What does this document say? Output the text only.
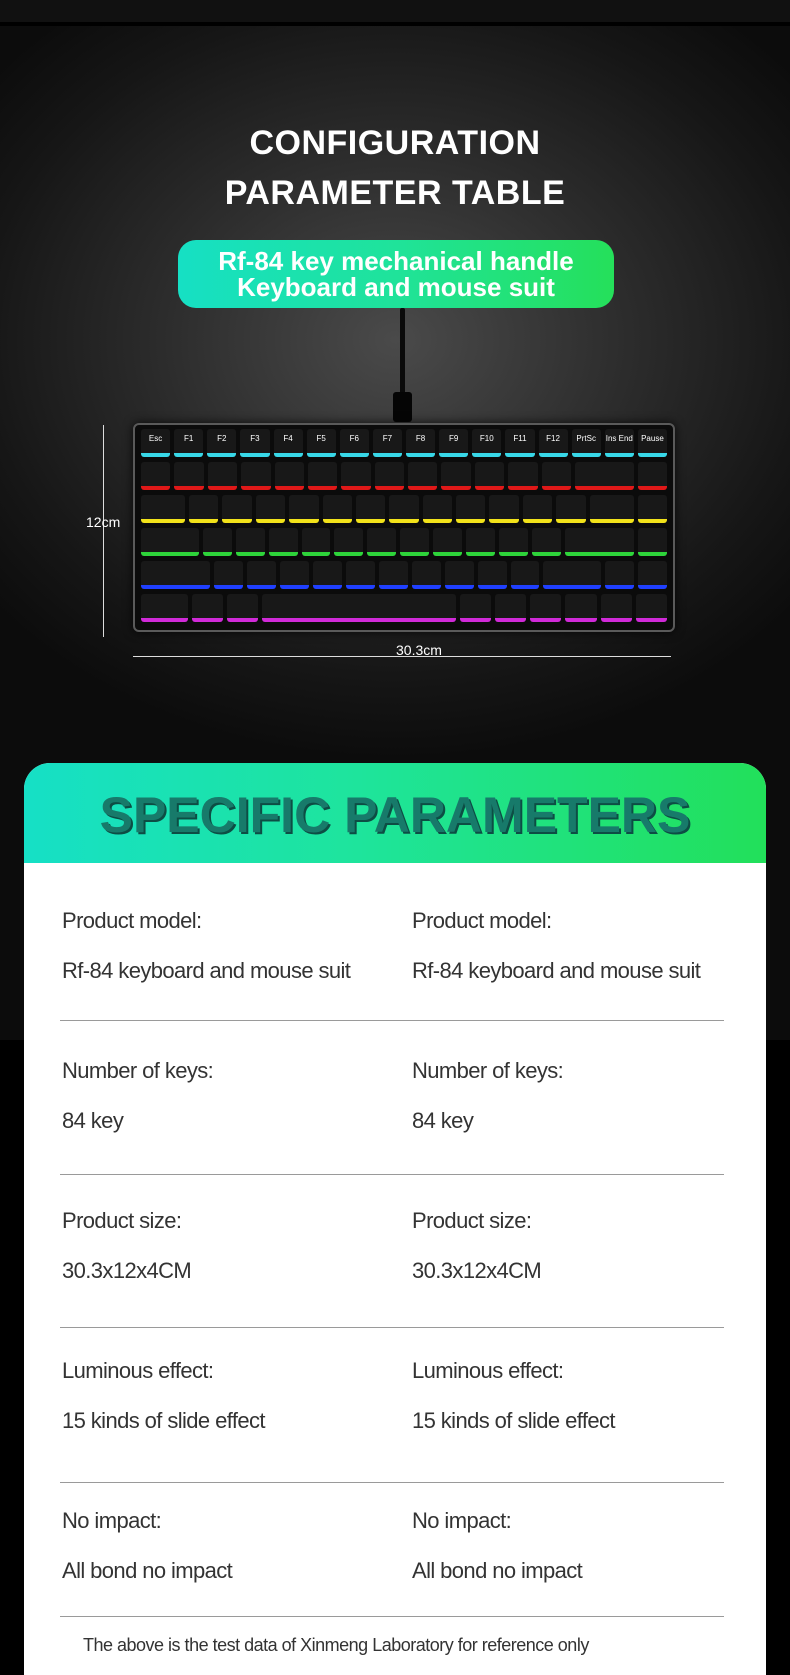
CONFIGURATION
PARAMETER TABLE
Rf-84 key mechanical handle
Keyboard and mouse suit
Esc	F1	F2	F3	F4	F5	F6	F7	F8	F9	F10	F11	F12	PrtSc	Ins End	Pause
12cm
30.3cm
SPECIFIC PARAMETERS
Product model:
Rf-84 keyboard and mouse suit
Product model:
Rf-84 keyboard and mouse suit
Number of keys:
84 key
Number of keys:
84 key
Product size:
30.3x12x4CM
Product size:
30.3x12x4CM
Luminous effect:
15 kinds of slide effect
Luminous effect:
15 kinds of slide effect
No impact:
All bond no impact
No impact:
All bond no impact
The above is the test data of Xinmeng Laboratory for reference only
